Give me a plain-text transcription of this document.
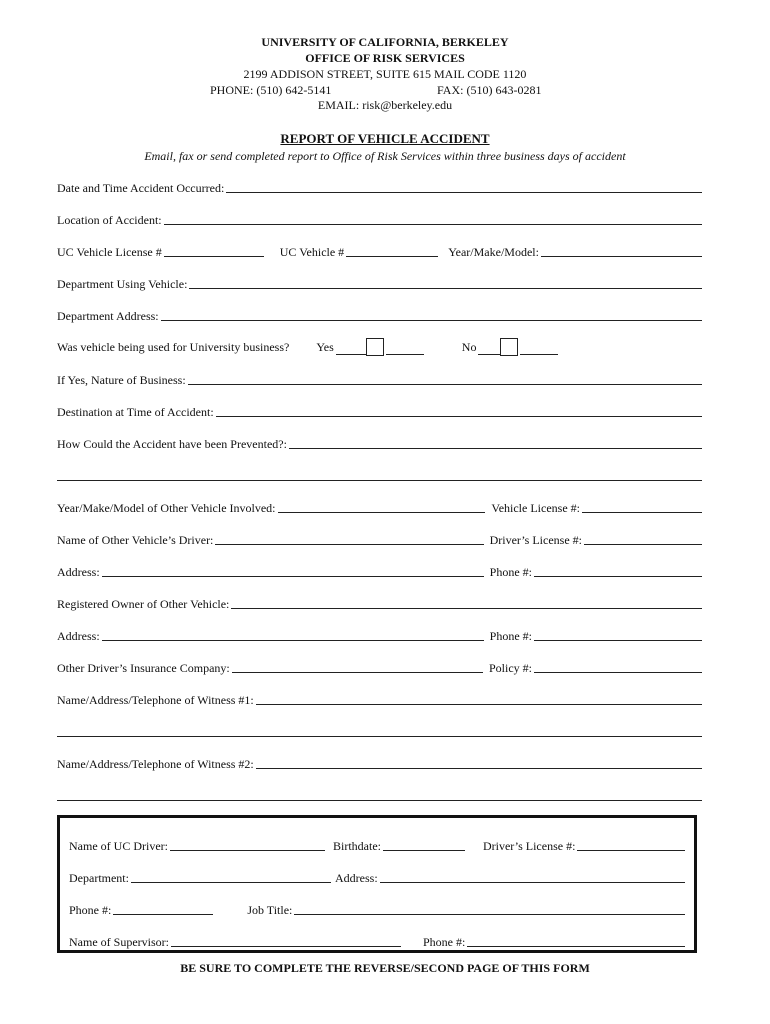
UNIVERSITY OF CALIFORNIA, BERKELEY
OFFICE OF RISK SERVICES
2199 ADDISON STREET, SUITE 615 MAIL CODE 1120
PHONE: (510) 642-5141	FAX: (510) 643-0281
EMAIL: risk@berkeley.edu
REPORT OF VEHICLE ACCIDENT
Email, fax or send completed report to Office of Risk Services within three business days of accident
Date and Time Accident Occurred:
Location of Accident:
UC Vehicle License #	UC Vehicle #	Year/Make/Model:
Department Using Vehicle:
Department Address:
Was vehicle being used for University business? Yes	No
If Yes, Nature of Business:
Destination at Time of Accident:
How Could the Accident have been Prevented?:
Year/Make/Model of Other Vehicle Involved:	Vehicle License #:
Name of Other Vehicle’s Driver:	Driver’s License #:
Address:	Phone #:
Registered Owner of Other Vehicle:
Address:	Phone #:
Other Driver’s Insurance Company:	Policy #:
Name/Address/Telephone of Witness #1:
Name/Address/Telephone of Witness #2:
Name of UC Driver:	Birthdate:	Driver’s License #:
Department:	Address:
Phone #:	Job Title:
Name of Supervisor:	Phone #:
BE SURE TO COMPLETE THE REVERSE/SECOND PAGE OF THIS FORM
